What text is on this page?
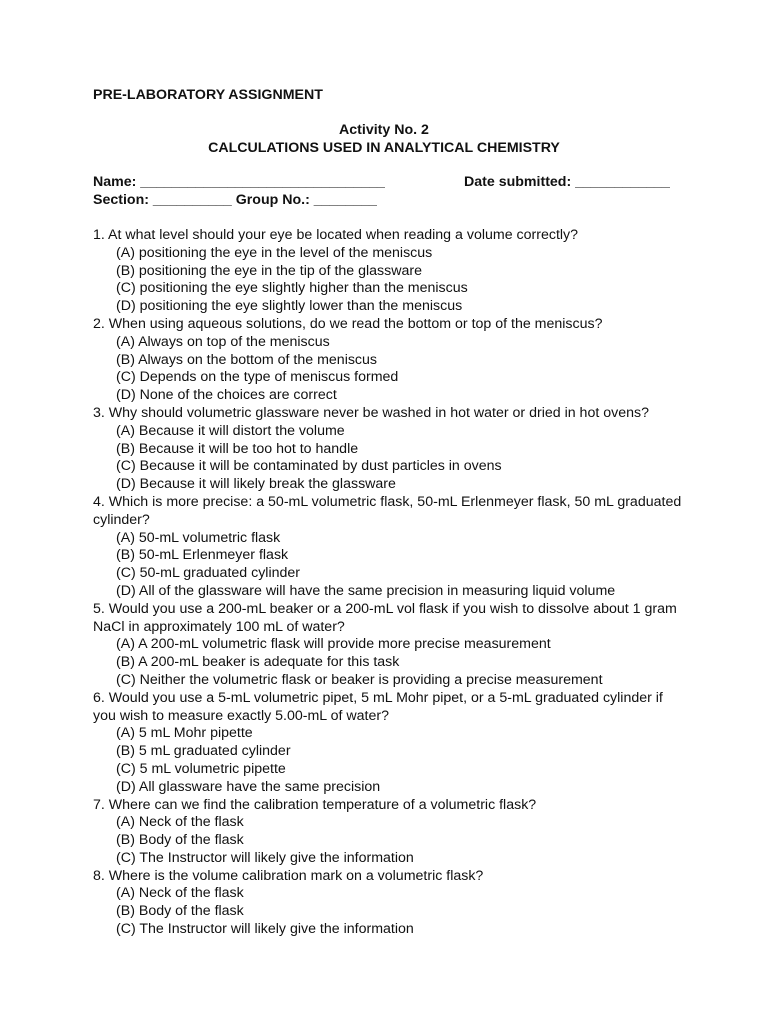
PRE-LABORATORY ASSIGNMENT
Activity No. 2
CALCULATIONS USED IN ANALYTICAL CHEMISTRY
Name: _______________________________	Date submitted: ____________
Section: __________ Group No.: ________

1. At what level should your eye be located when reading a volume correctly?

(A) positioning the eye in the level of the meniscus
(B) positioning the eye in the tip of the glassware
(C) positioning the eye slightly higher than the meniscus
(D) positioning the eye slightly lower than the meniscus

2. When using aqueous solutions, do we read the bottom or top of the meniscus?

(A) Always on top of the meniscus
(B) Always on the bottom of the meniscus
(C) Depends on the type of meniscus formed
(D) None of the choices are correct

3. Why should volumetric glassware never be washed in hot water or dried in hot ovens?

(A) Because it will distort the volume
(B) Because it will be too hot to handle
(C) Because it will be contaminated by dust particles in ovens
(D) Because it will likely break the glassware

4. Which is more precise: a 50-mL volumetric flask, 50-mL Erlenmeyer flask, 50 mL graduated cylinder?

(A) 50-mL volumetric flask
(B) 50-mL Erlenmeyer flask
(C) 50-mL graduated cylinder
(D) All of the glassware will have the same precision in measuring liquid volume

5. Would you use a 200-mL beaker or a 200-mL vol flask if you wish to dissolve about 1 gram NaCl in approximately 100 mL of water?

(A) A 200-mL volumetric flask will provide more precise measurement
(B) A 200-mL beaker is adequate for this task
(C) Neither the volumetric flask or beaker is providing a precise measurement

6. Would you use a 5-mL volumetric pipet, 5 mL Mohr pipet, or a 5-mL graduated cylinder if you wish to measure exactly 5.00-mL of water?

(A) 5 mL Mohr pipette
(B) 5 mL graduated cylinder
(C) 5 mL volumetric pipette
(D) All glassware have the same precision

7. Where can we find the calibration temperature of a volumetric flask?

(A) Neck of the flask
(B) Body of the flask
(C) The Instructor will likely give the information

8. Where is the volume calibration mark on a volumetric flask?

(A) Neck of the flask
(B) Body of the flask
(C) The Instructor will likely give the information
